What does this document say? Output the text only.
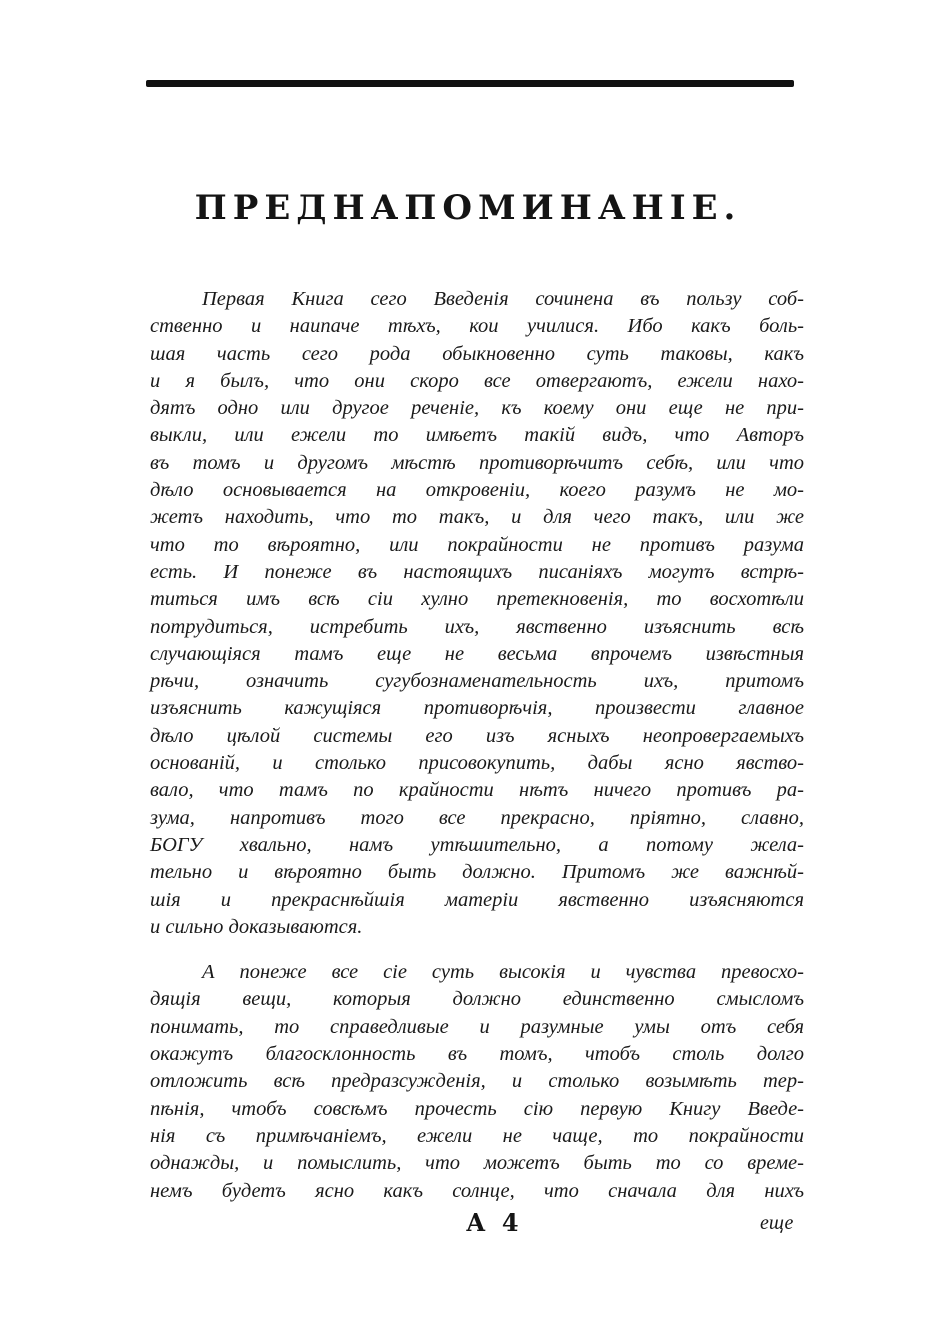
ПРЕДНАПОМИНАНІЕ.
Первая Книга сего Введенія сочинена въ пользу соб-
ственно и наипаче тѣхъ, кои училися. Ибо какъ боль-
шая часть сего рода обыкновенно суть таковы, какъ
и я былъ, что они скоро все отвергаютъ, ежели нахо-
дятъ одно или другое реченіе, къ коему они еще не при-
выкли, или ежели то имѣетъ такій видъ, что Авторъ
въ томъ и другомъ мѣстѣ противорѣчитъ себѣ, или что
дѣло основывается на откровеніи, коего разумъ не мо-
жетъ находить, что то такъ, и для чего такъ, или же
что то вѣроятно, или покрайности не противъ разума
есть. И понеже въ настоящихъ писаніяхъ могутъ встрѣ-
титься имъ всѣ сіи хулно претекновенія, то восхотѣли
потрудиться, истребить ихъ, явственно изъяснить всѣ
случающіяся тамъ еще не весьма впрочемъ извѣстныя
рѣчи, означить сугубознаменательность ихъ, притомъ
изъяснить кажущіяся противорѣчія, произвести главное
дѣло цѣлой системы его изъ ясныхъ неопровергаемыхъ
основаній, и столько присовокупить, дабы ясно явство-
вало, что тамъ по крайности нѣтъ ничего противъ ра-
зума, напротивъ того все прекрасно, пріятно, славно,
БОГУ хвально, намъ утѣшительно, а потому жела-
тельно и вѣроятно быть должно. Притомъ же важнѣй-
шія и прекраснѣйшія матеріи явственно изъясняются
и сильно доказываются.
А понеже все сіе суть высокія и чувства превосхо-
дящія вещи, которыя должно единственно смысломъ
понимать, то справедливые и разумные умы отъ себя
окажутъ благосклонность въ томъ, чтобъ столь долго
отложить всѣ предразсужденія, и столько возымѣть тер-
пѣнія, чтобъ совсѣмъ прочесть сію первую Книгу Введе-
нія съ примѣчаніемъ, ежели не чаще, то покрайности
однажды, и помыслить, что можетъ быть то со време-
немъ будетъ ясно какъ солнце, что сначала для нихъ
А 4	еще
